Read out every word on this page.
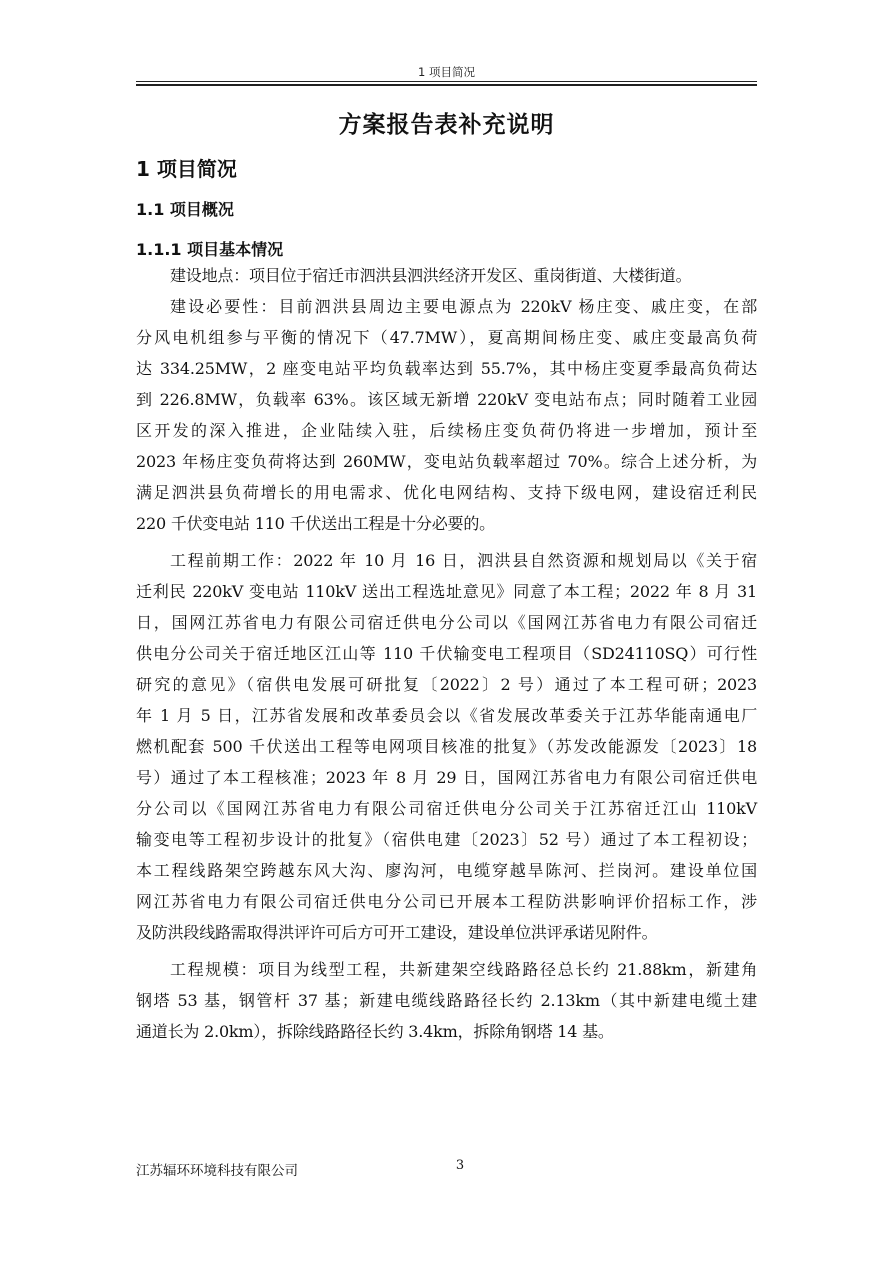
1 项目简况
方案报告表补充说明
1 项目简况
1.1 项目概况
1.1.1 项目基本情况
建设地点：项目位于宿迁市泗洪县泗洪经济开发区、重岗街道、大楼街道。
建设必要性：目前泗洪县周边主要电源点为 220kV 杨庄变、戚庄变，在部
分风电机组参与平衡的情况下（47.7MW），夏高期间杨庄变、戚庄变最高负荷
达 334.25MW，2 座变电站平均负载率达到 55.7%，其中杨庄变夏季最高负荷达
到 226.8MW，负载率 63%。该区域无新增 220kV 变电站布点；同时随着工业园
区开发的深入推进，企业陆续入驻，后续杨庄变负荷仍将进一步增加，预计至
2023 年杨庄变负荷将达到 260MW，变电站负载率超过 70%。综合上述分析，为
满足泗洪县负荷增长的用电需求、优化电网结构、支持下级电网，建设宿迁利民
220 千伏变电站 110 千伏送出工程是十分必要的。
工程前期工作：2022 年 10 月 16 日，泗洪县自然资源和规划局以《关于宿
迁利民 220kV 变电站 110kV 送出工程选址意见》同意了本工程；2022 年 8 月 31
日，国网江苏省电力有限公司宿迁供电分公司以《国网江苏省电力有限公司宿迁
供电分公司关于宿迁地区江山等 110 千伏输变电工程项目（SD24110SQ）可行性
研究的意见》（宿供电发展可研批复〔2022〕2 号）通过了本工程可研；2023
年 1 月 5 日，江苏省发展和改革委员会以《省发展改革委关于江苏华能南通电厂
燃机配套 500 千伏送出工程等电网项目核准的批复》（苏发改能源发〔2023〕18
号）通过了本工程核准；2023 年 8 月 29 日，国网江苏省电力有限公司宿迁供电
分公司以《国网江苏省电力有限公司宿迁供电分公司关于江苏宿迁江山 110kV
输变电等工程初步设计的批复》（宿供电建〔2023〕52 号）通过了本工程初设；
本工程线路架空跨越东风大沟、廖沟河，电缆穿越旱陈河、拦岗河。建设单位国
网江苏省电力有限公司宿迁供电分公司已开展本工程防洪影响评价招标工作，涉
及防洪段线路需取得洪评许可后方可开工建设，建设单位洪评承诺见附件。
工程规模：项目为线型工程，共新建架空线路路径总长约 21.88km，新建角
钢塔 53 基，钢管杆 37 基；新建电缆线路路径长约 2.13km（其中新建电缆土建
通道长为 2.0km），拆除线路路径长约 3.4km，拆除角钢塔 14 基。
江苏辐环环境科技有限公司	3
